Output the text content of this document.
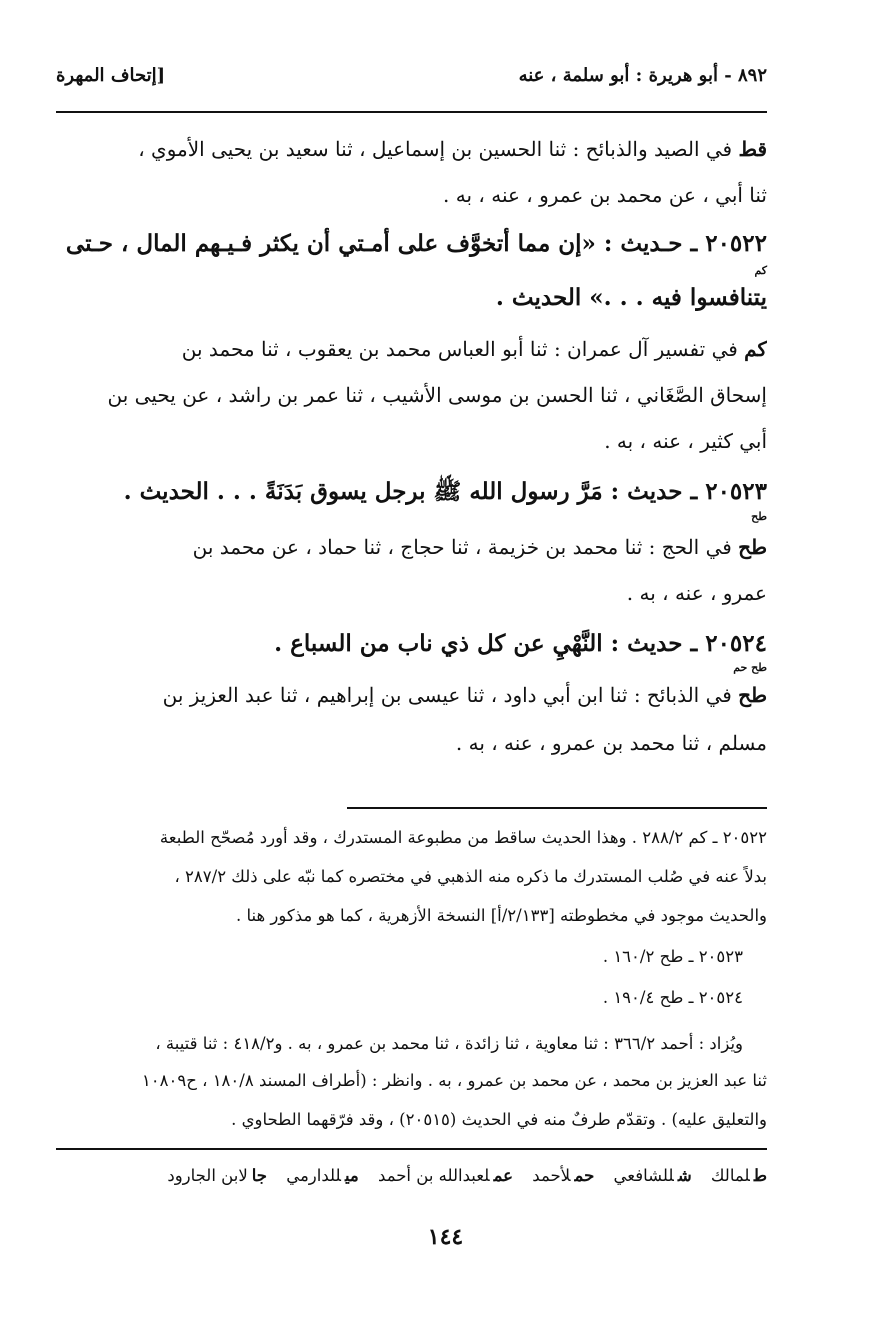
٨٩٢ - أبو هريرة : أبو سلمة ، عنه
[إتحاف المهرة
قط في الصيد والذبائح : ثنا الحسين بن إسماعيل ، ثنا سعيد بن يحيى الأموي ،
ثنا أبي ، عن محمد بن عمرو ، عنه ، به .
٢٠٥٢٢ ـ حـديث : «إن مما أتخوَّف على أمـتي أن يكثر فـيـهم المال ، حـتى
كم
يتنافسوا فيه . . .» الحديث .
كم في تفسير آل عمران : ثنا أبو العباس محمد بن يعقوب ، ثنا محمد بن
إسحاق الصَّغَاني ، ثنا الحسن بن موسى الأشيب ، ثنا عمر بن راشد ، عن يحيى بن
أبي كثير ، عنه ، به .
٢٠٥٢٣ ـ حديث : مَرَّ رسول الله ﷺ برجل يسوق بَدَنَةً . . . الحديث .
طح
طح في الحج : ثنا محمد بن خزيمة ، ثنا حجاج ، ثنا حماد ، عن محمد بن
عمرو ، عنه ، به .
٢٠٥٢٤ ـ حديث : النَّهْيِ عن كل ذي ناب من السباع .
طح حم
طح في الذبائح : ثنا ابن أبي داود ، ثنا عيسى بن إبراهيم ، ثنا عبد العزيز بن
مسلم ، ثنا محمد بن عمرو ، عنه ، به .
٢٠٥٢٢ ـ كم ٢٨٨/٢ . وهذا الحديث ساقط من مطبوعة المستدرك ، وقد أورد مُصحّح الطبعة
بدلاً عنه في صُلب المستدرك ما ذكره منه الذهبي في مختصره كما نبّه على ذلك ٢٨٧/٢ ،
والحديث موجود في مخطوطته [٢/١٣٣/أ] النسخة الأزهرية ، كما هو مذكور هنا .
٢٠٥٢٣ ـ طح ١٦٠/٢ .
٢٠٥٢٤ ـ طح ١٩٠/٤ .
ويُزاد : أحمد ٣٦٦/٢ : ثنا معاوية ، ثنا زائدة ، ثنا محمد بن عمرو ، به . و٤١٨/٢ : ثنا قتيبة ،
ثنا عبد العزيز بن محمد ، عن محمد بن عمرو ، به . وانظر : (أطراف المسند ١٨٠/٨ ، ح١٠٨٠٩
والتعليق عليه) . وتقدّم طرفٌ منه في الحديث (٢٠٥١٥) ، وقد فرّقهما الطحاوي .
طلمالك شللشافعي حملأحمد عملعبدالله بن أحمد ميللدارمي جالابن الجارود
١٤٤
